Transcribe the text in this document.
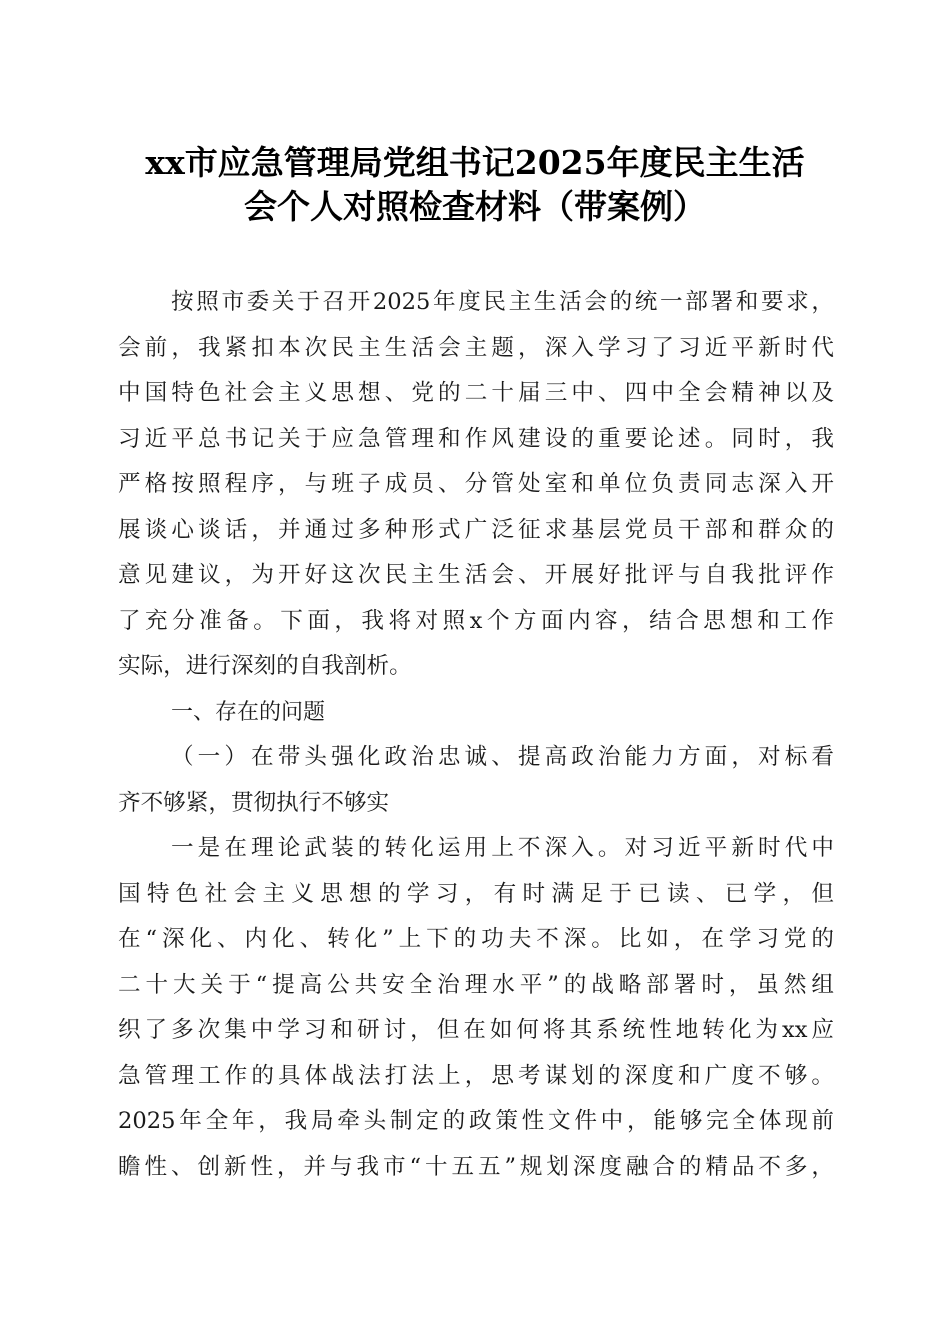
xx市应急管理局党组书记2025年度民主生活
会个人对照检查材料（带案例）
按照市委关于召开2025年度民主生活会的统一部署和要求，
会前，我紧扣本次民主生活会主题，深入学习了习近平新时代
中国特色社会主义思想、党的二十届三中、四中全会精神以及
习近平总书记关于应急管理和作风建设的重要论述。同时，我
严格按照程序，与班子成员、分管处室和单位负责同志深入开
展谈心谈话，并通过多种形式广泛征求基层党员干部和群众的
意见建议，为开好这次民主生活会、开展好批评与自我批评作
了充分准备。下面，我将对照x个方面内容，结合思想和工作
实际，进行深刻的自我剖析。
一、存在的问题
（一）在带头强化政治忠诚、提高政治能力方面，对标看
齐不够紧，贯彻执行不够实
一是在理论武装的转化运用上不深入。对习近平新时代中
国特色社会主义思想的学习，有时满足于已读、已学，但
在“深化、内化、转化”上下的功夫不深。比如，在学习党的
二十大关于“提高公共安全治理水平”的战略部署时，虽然组
织了多次集中学习和研讨，但在如何将其系统性地转化为xx应
急管理工作的具体战法打法上，思考谋划的深度和广度不够。
2025年全年，我局牵头制定的政策性文件中，能够完全体现前
瞻性、创新性，并与我市“十五五”规划深度融合的精品不多，
